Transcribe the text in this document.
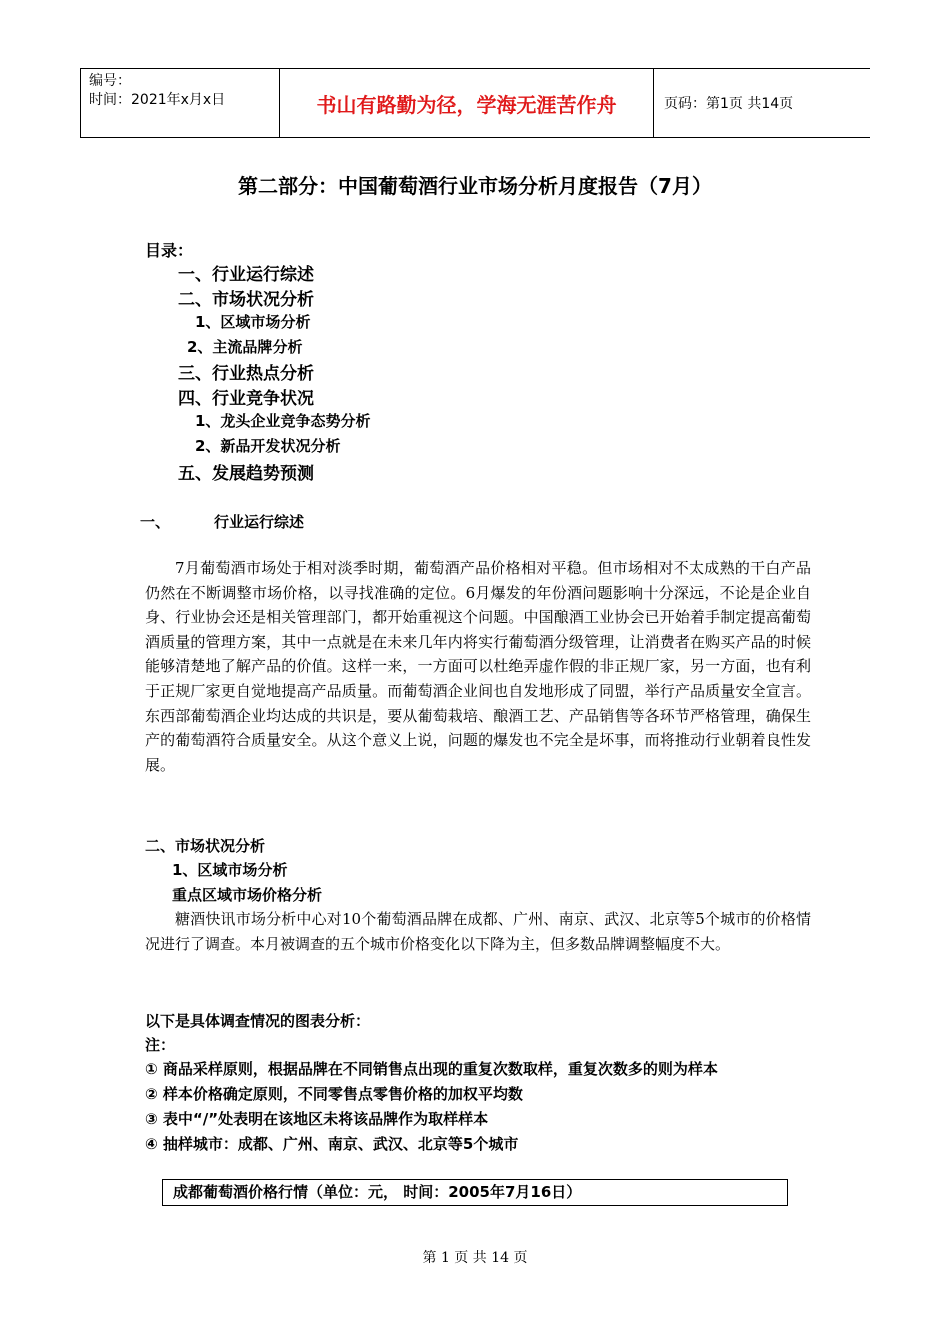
编号：
时间：2021年x月x日	书山有路勤为径，学海无涯苦作舟	页码：第1页 共14页
第二部分：中国葡萄酒行业市场分析月度报告（7月）
目录：
一、行业运行综述
二、市场状况分析
1、区域市场分析
2、主流品牌分析
三、行业热点分析
四、行业竞争状况
1、龙头企业竞争态势分析
2、新品开发状况分析
五、发展趋势预测
一、	行业运行综述
7月葡萄酒市场处于相对淡季时期，葡萄酒产品价格相对平稳。但市场相对不太成熟的干白产品仍然在不断调整市场价格，以寻找准确的定位。6月爆发的年份酒问题影响十分深远，不论是企业自身、行业协会还是相关管理部门，都开始重视这个问题。中国酿酒工业协会已开始着手制定提高葡萄酒质量的管理方案，其中一点就是在未来几年内将实行葡萄酒分级管理，让消费者在购买产品的时候能够清楚地了解产品的价值。这样一来，一方面可以杜绝弄虚作假的非正规厂家，另一方面，也有利于正规厂家更自觉地提高产品质量。而葡萄酒企业间也自发地形成了同盟，举行产品质量安全宣言。东西部葡萄酒企业均达成的共识是，要从葡萄栽培、酿酒工艺、产品销售等各环节严格管理，确保生产的葡萄酒符合质量安全。从这个意义上说，问题的爆发也不完全是坏事，而将推动行业朝着良性发展。
二、市场状况分析
1、区域市场分析
重点区域市场价格分析
糖酒快讯市场分析中心对10个葡萄酒品牌在成都、广州、南京、武汉、北京等5个城市的价格情况进行了调查。本月被调查的五个城市价格变化以下降为主，但多数品牌调整幅度不大。
以下是具体调查情况的图表分析：
注：
① 商品采样原则，根据品牌在不同销售点出现的重复次数取样，重复次数多的则为样本
② 样本价格确定原则，不同零售点零售价格的加权平均数
③ 表中“/”处表明在该地区未将该品牌作为取样样本
④ 抽样城市：成都、广州、南京、武汉、北京等5个城市
成都葡萄酒价格行情（单位：元， 时间：2005年7月16日）
第 1 页 共 14 页
